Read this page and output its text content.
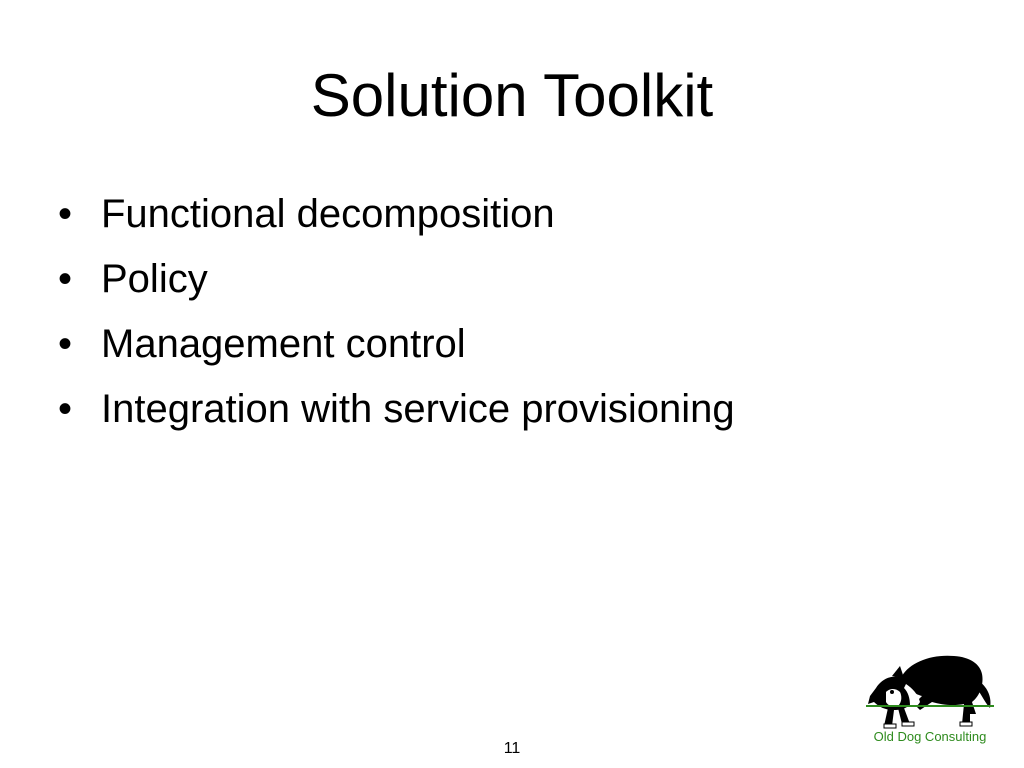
Solution Toolkit
• Functional decomposition
• Policy
• Management control
• Integration with service provisioning
11
Old Dog Consulting
